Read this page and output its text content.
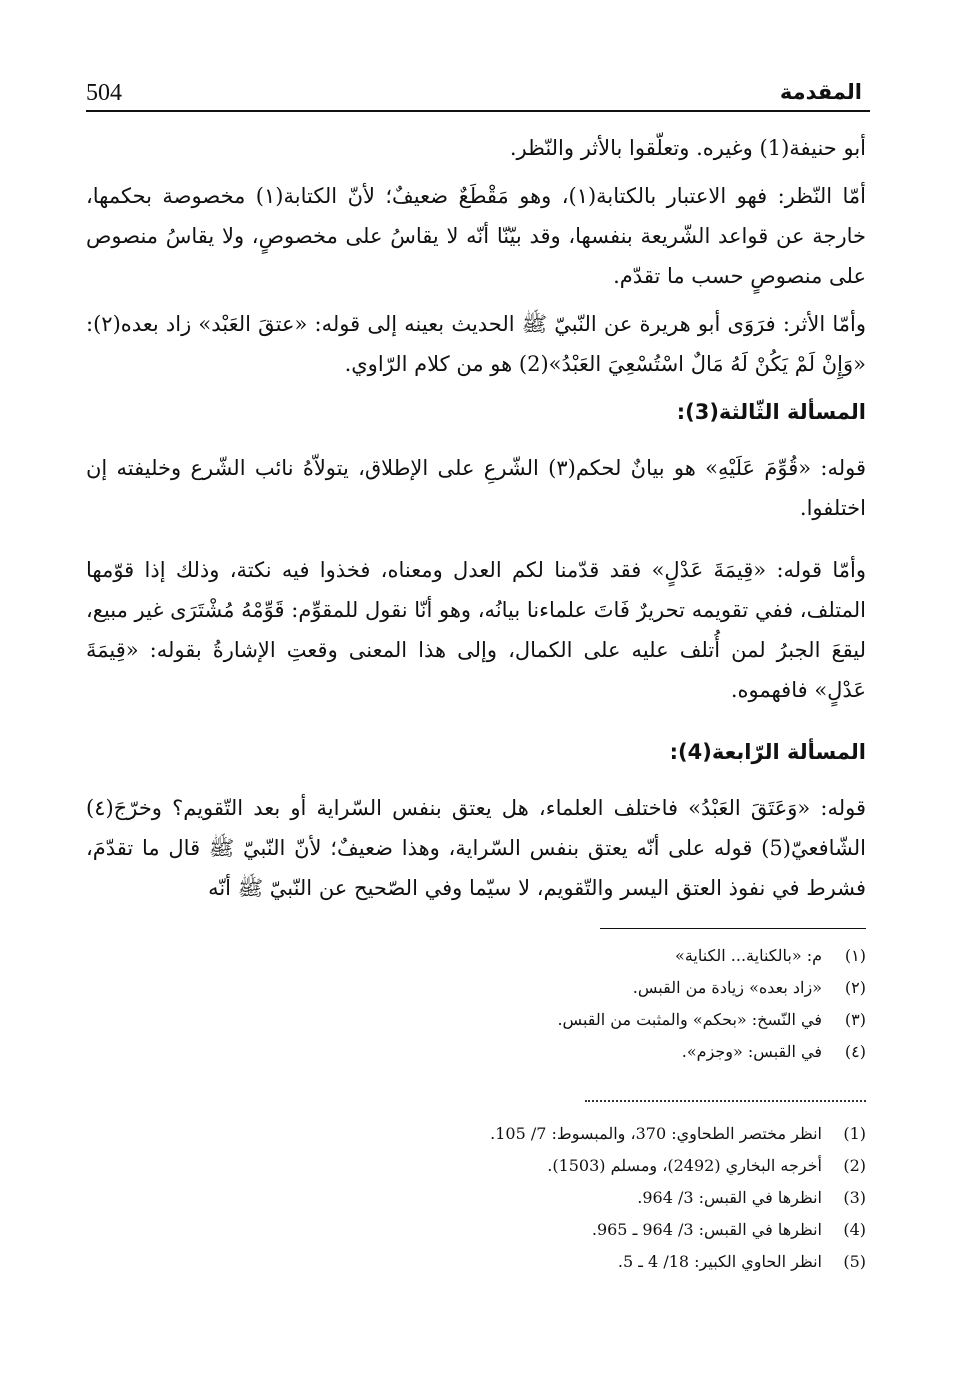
المقدمة
504

أبو حنيفة(1) وغيره. وتعلّقوا بالأثر والنّظر.

أمّا النّظر: فهو الاعتبار بالكتابة(١)، وهو مَقْطَعٌ ضعيفٌ؛ لأنّ الكتابة(١) مخصوصة بحكمها، خارجة عن قواعد الشّريعة بنفسها، وقد بيّنّا أنّه لا يقاسُ على مخصوصٍ، ولا يقاسُ منصوص على منصوصٍ حسب ما تقدّم.

وأمّا الأثر: فرَوَى أبو هريرة عن النّبيّ ﷺ الحديث بعينه إلى قوله: «عتقَ العَبْد» زاد بعده(٢): «وَإِنْ لَمْ يَكُنْ لَهُ مَالٌ اسْتُسْعِيَ العَبْدُ»(2) هو من كلام الرّاوي.

المسألة الثّالثة(3):

قوله: «قُوِّمَ عَلَيْهِ» هو بيانٌ لحكم(٣) الشّرعِ على الإطلاق، يتولاّهُ نائب الشّرع وخليفته إن اختلفوا.

وأمّا قوله: «قِيمَةَ عَدْلٍ» فقد قدّمنا لكم العدل ومعناه، فخذوا فيه نكتة، وذلك إذا قوّمها المتلف، ففي تقويمه تحريرٌ فَاتَ علماءنا بيانُه، وهو أنّا نقول للمقوِّم: قَوِّمْهُ مُشْتَرَى غير مبيع، ليقعَ الجبرُ لمن أُتلف عليه على الكمال، وإلى هذا المعنى وقعتِ الإشارةُ بقوله: «قِيمَةَ عَدْلٍ» فافهموه.

المسألة الرّابعة(4):

قوله: «وَعَتَقَ العَبْدُ» فاختلف العلماء، هل يعتق بنفس السّراية أو بعد التّقويم؟ وخرّجَ(٤) الشّافعيّ(5) قوله على أنّه يعتق بنفس السّراية، وهذا ضعيفٌ؛ لأنّ النّبيّ ﷺ قال ما تقدّمَ، فشرط في نفوذ العتق اليسر والتّقويم، لا سيّما وفي الصّحيح عن النّبيّ ﷺ أنّه

(١)
م: «بالكناية... الكناية»
(٢)
«زاد بعده» زيادة من القبس.
(٣)
في النّسخ: «بحكم» والمثبت من القبس.
(٤)
في القبس: «وجزم».
(1)
انظر مختصر الطحاوي: 370، والمبسوط: 7/ 105.
(2)
أخرجه البخاري (2492)، ومسلم (1503).
(3)
انظرها في القبس: 3/ 964.
(4)
انظرها في القبس: 3/ 964 ـ 965.
(5)
انظر الحاوي الكبير: 18/ 4 ـ 5.
